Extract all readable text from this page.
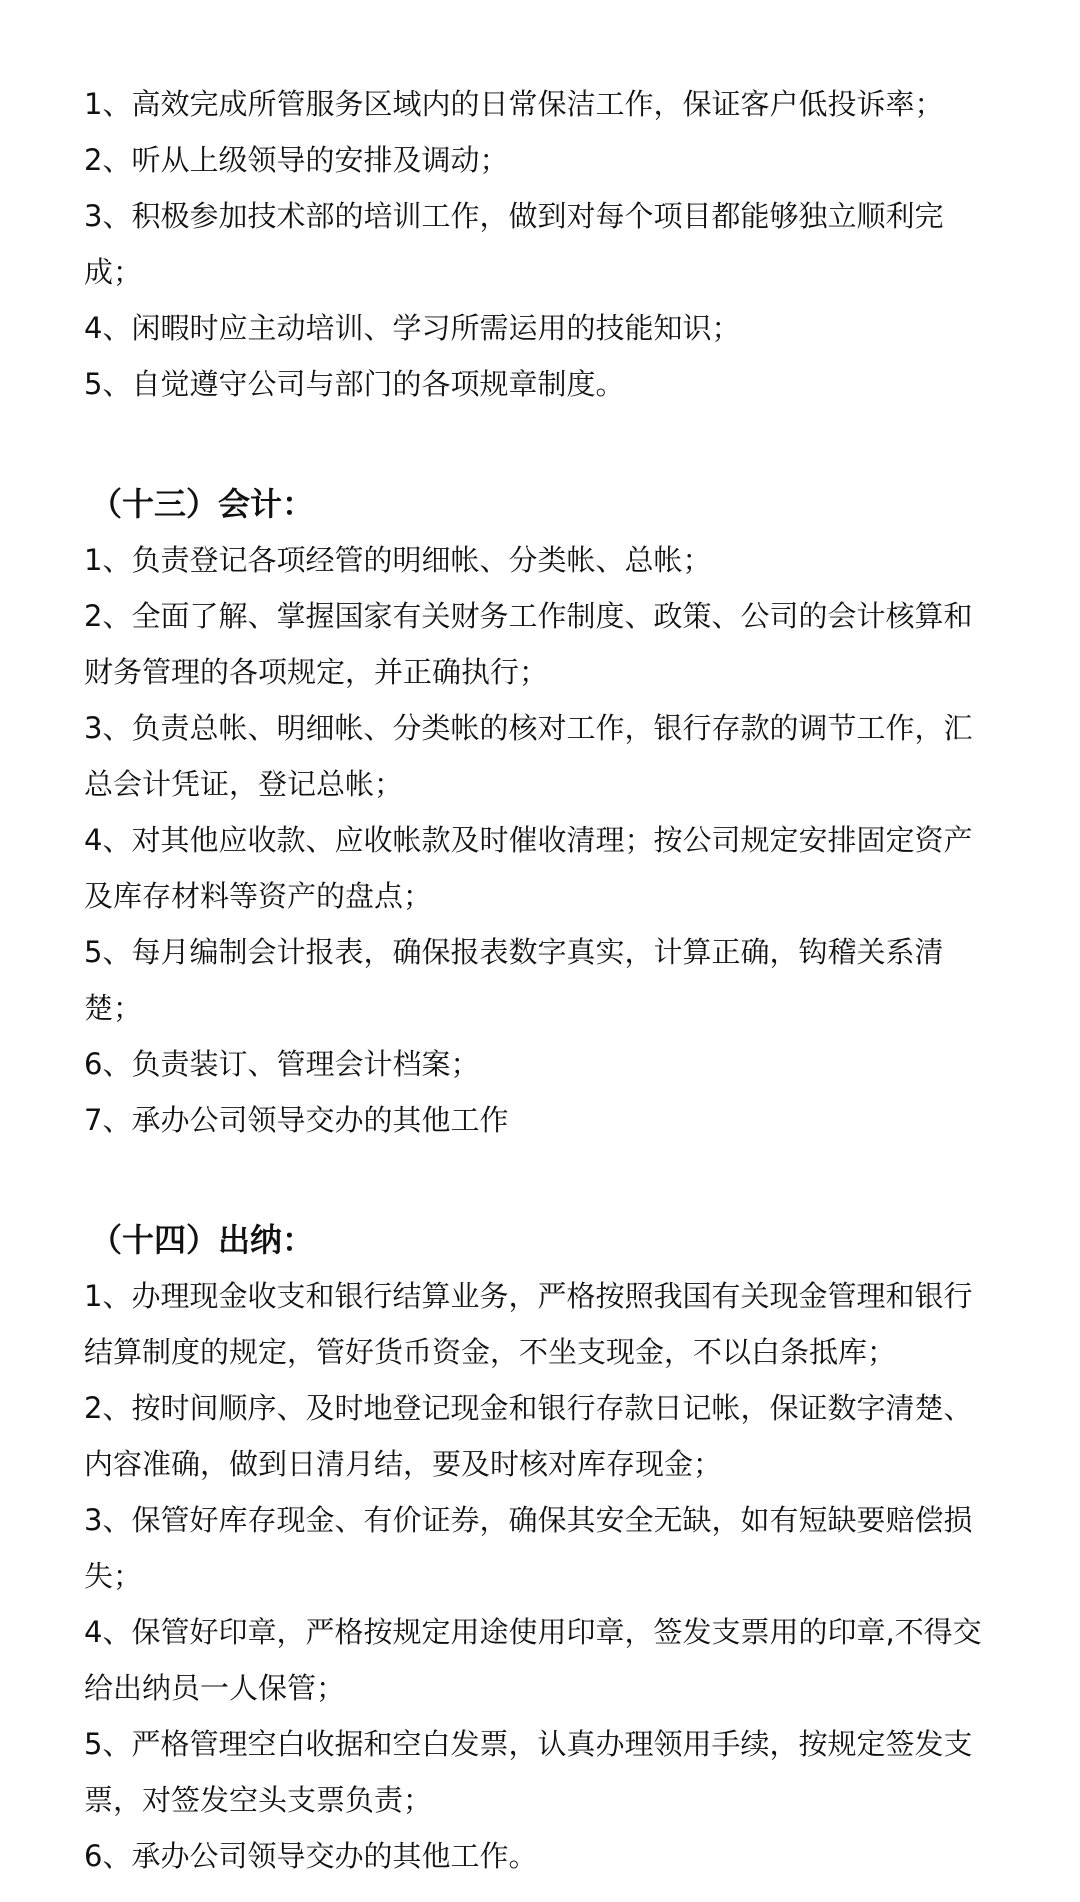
1、高效完成所管服务区域内的日常保洁工作，保证客户低投诉率；

2、听从上级领导的安排及调动；

3、积极参加技术部的培训工作，做到对每个项目都能够独立顺利完成；

4、闲暇时应主动培训、学习所需运用的技能知识；

5、自觉遵守公司与部门的各项规章制度。

（十三）会计：

1、负责登记各项经管的明细帐、分类帐、总帐；

2、全面了解、掌握国家有关财务工作制度、政策、公司的会计核算和财务管理的各项规定，并正确执行；

3、负责总帐、明细帐、分类帐的核对工作，银行存款的调节工作，汇总会计凭证，登记总帐；

4、对其他应收款、应收帐款及时催收清理；按公司规定安排固定资产及库存材料等资产的盘点；

5、每月编制会计报表，确保报表数字真实，计算正确，钩稽关系清楚；

6、负责装订、管理会计档案；

7、承办公司领导交办的其他工作

（十四）出纳：

1、办理现金收支和银行结算业务，严格按照我国有关现金管理和银行结算制度的规定，管好货币资金，不坐支现金，不以白条抵库；

2、按时间顺序、及时地登记现金和银行存款日记帐，保证数字清楚、内容准确，做到日清月结，要及时核对库存现金；

3、保管好库存现金、有价证券，确保其安全无缺，如有短缺要赔偿损失；

4、保管好印章，严格按规定用途使用印章，签发支票用的印章,不得交给出纳员一人保管；

5、严格管理空白收据和空白发票，认真办理领用手续，按规定签发支票，对签发空头支票负责；

6、承办公司领导交办的其他工作。
